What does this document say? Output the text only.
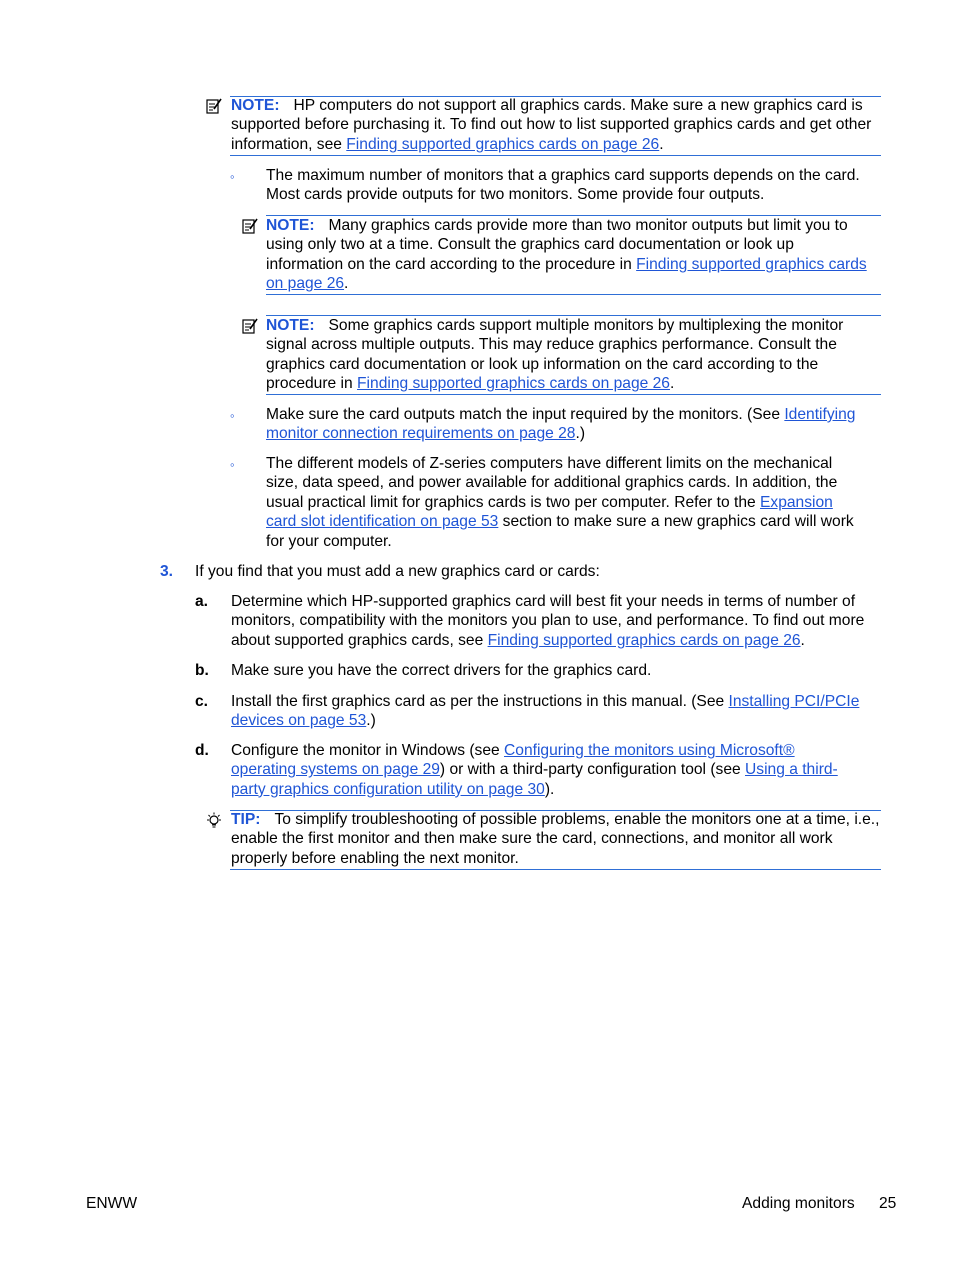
NOTE: HP computers do not support all graphics cards. Make sure a new graphics card is supported before purchasing it. To find out how to list supported graphics cards and get other information, see Finding supported graphics cards on page 26.
◦ The maximum number of monitors that a graphics card supports depends on the card. Most cards provide outputs for two monitors. Some provide four outputs.
NOTE: Many graphics cards provide more than two monitor outputs but limit you to using only two at a time. Consult the graphics card documentation or look up information on the card according to the procedure in Finding supported graphics cards on page 26.
NOTE: Some graphics cards support multiple monitors by multiplexing the monitor signal across multiple outputs. This may reduce graphics performance. Consult the graphics card documentation or look up information on the card according to the procedure in Finding supported graphics cards on page 26.
◦ Make sure the card outputs match the input required by the monitors. (See Identifying monitor connection requirements on page 28.)
◦ The different models of Z-series computers have different limits on the mechanical size, data speed, and power available for additional graphics cards. In addition, the usual practical limit for graphics cards is two per computer. Refer to the Expansion card slot identification on page 53 section to make sure a new graphics card will work for your computer.
3. If you find that you must add a new graphics card or cards:
a. Determine which HP-supported graphics card will best fit your needs in terms of number of monitors, compatibility with the monitors you plan to use, and performance. To find out more about supported graphics cards, see Finding supported graphics cards on page 26.
b. Make sure you have the correct drivers for the graphics card.
c. Install the first graphics card as per the instructions in this manual. (See Installing PCI/PCIe devices on page 53.)
d. Configure the monitor in Windows (see Configuring the monitors using Microsoft® operating systems on page 29) or with a third-party configuration tool (see Using a third-party graphics configuration utility on page 30).
TIP: To simplify troubleshooting of possible problems, enable the monitors one at a time, i.e., enable the first monitor and then make sure the card, connections, and monitor all work properly before enabling the next monitor.
ENWW	Adding monitors 25
